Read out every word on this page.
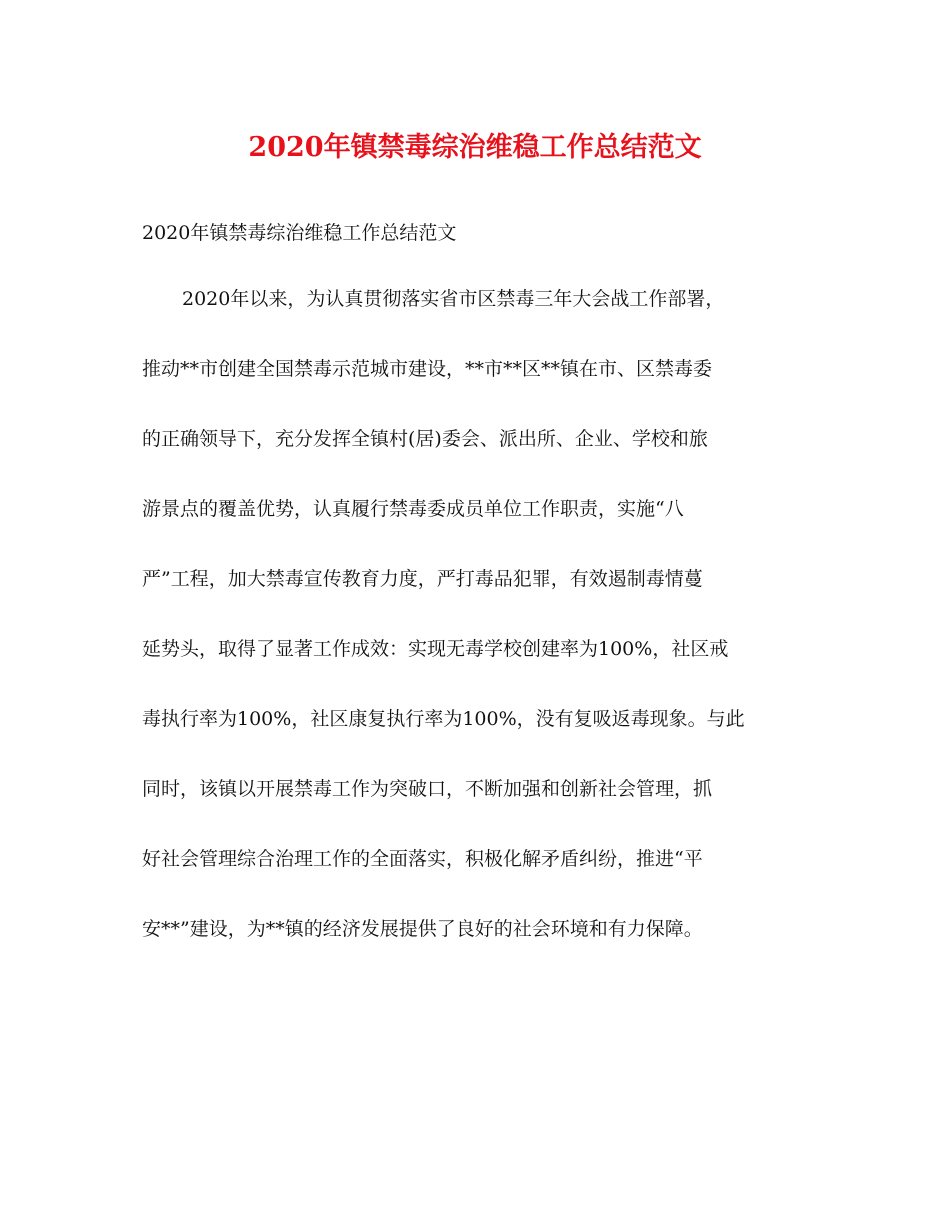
2020年镇禁毒综治维稳工作总结范文

2020年镇禁毒综治维稳工作总结范文

2020年以来，为认真贯彻落实省市区禁毒三年大会战工作部署，
推动**市创建全国禁毒示范城市建设，**市**区**镇在市、区禁毒委
的正确领导下，充分发挥全镇村(居)委会、派出所、企业、学校和旅
游景点的覆盖优势，认真履行禁毒委成员单位工作职责，实施“八
严”工程，加大禁毒宣传教育力度，严打毒品犯罪，有效遏制毒情蔓
延势头，取得了显著工作成效：实现无毒学校创建率为100%，社区戒
毒执行率为100%，社区康复执行率为100%，没有复吸返毒现象。与此
同时，该镇以开展禁毒工作为突破口，不断加强和创新社会管理，抓
好社会管理综合治理工作的全面落实，积极化解矛盾纠纷，推进“平
安**”建设，为**镇的经济发展提供了良好的社会环境和有力保障。
